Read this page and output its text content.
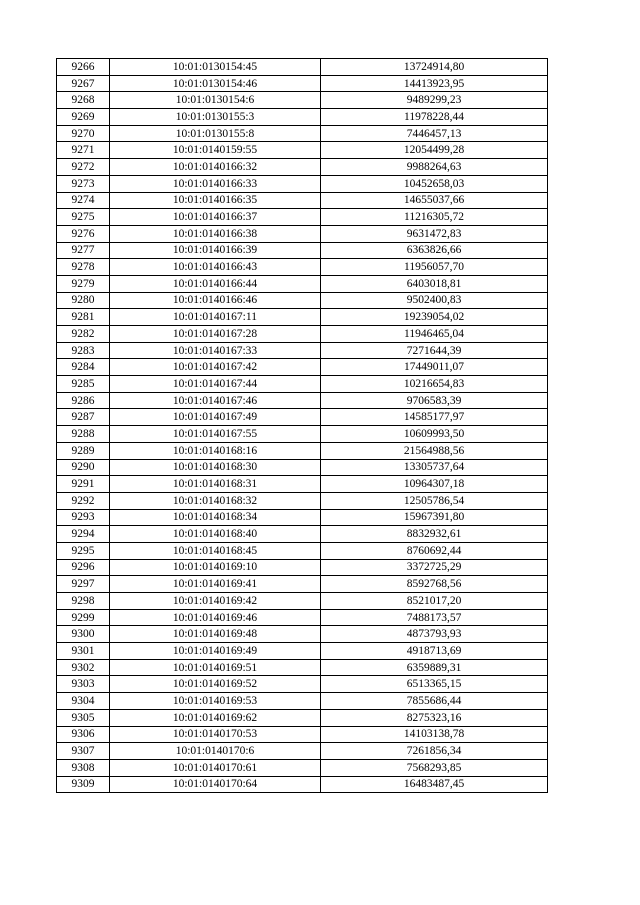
9266	10:01:0130154:45	13724914,80
9267	10:01:0130154:46	14413923,95
9268	10:01:0130154:6	9489299,23
9269	10:01:0130155:3	11978228,44
9270	10:01:0130155:8	7446457,13
9271	10:01:0140159:55	12054499,28
9272	10:01:0140166:32	9988264,63
9273	10:01:0140166:33	10452658,03
9274	10:01:0140166:35	14655037,66
9275	10:01:0140166:37	11216305,72
9276	10:01:0140166:38	9631472,83
9277	10:01:0140166:39	6363826,66
9278	10:01:0140166:43	11956057,70
9279	10:01:0140166:44	6403018,81
9280	10:01:0140166:46	9502400,83
9281	10:01:0140167:11	19239054,02
9282	10:01:0140167:28	11946465,04
9283	10:01:0140167:33	7271644,39
9284	10:01:0140167:42	17449011,07
9285	10:01:0140167:44	10216654,83
9286	10:01:0140167:46	9706583,39
9287	10:01:0140167:49	14585177,97
9288	10:01:0140167:55	10609993,50
9289	10:01:0140168:16	21564988,56
9290	10:01:0140168:30	13305737,64
9291	10:01:0140168:31	10964307,18
9292	10:01:0140168:32	12505786,54
9293	10:01:0140168:34	15967391,80
9294	10:01:0140168:40	8832932,61
9295	10:01:0140168:45	8760692,44
9296	10:01:0140169:10	3372725,29
9297	10:01:0140169:41	8592768,56
9298	10:01:0140169:42	8521017,20
9299	10:01:0140169:46	7488173,57
9300	10:01:0140169:48	4873793,93
9301	10:01:0140169:49	4918713,69
9302	10:01:0140169:51	6359889,31
9303	10:01:0140169:52	6513365,15
9304	10:01:0140169:53	7855686,44
9305	10:01:0140169:62	8275323,16
9306	10:01:0140170:53	14103138,78
9307	10:01:0140170:6	7261856,34
9308	10:01:0140170:61	7568293,85
9309	10:01:0140170:64	16483487,45
